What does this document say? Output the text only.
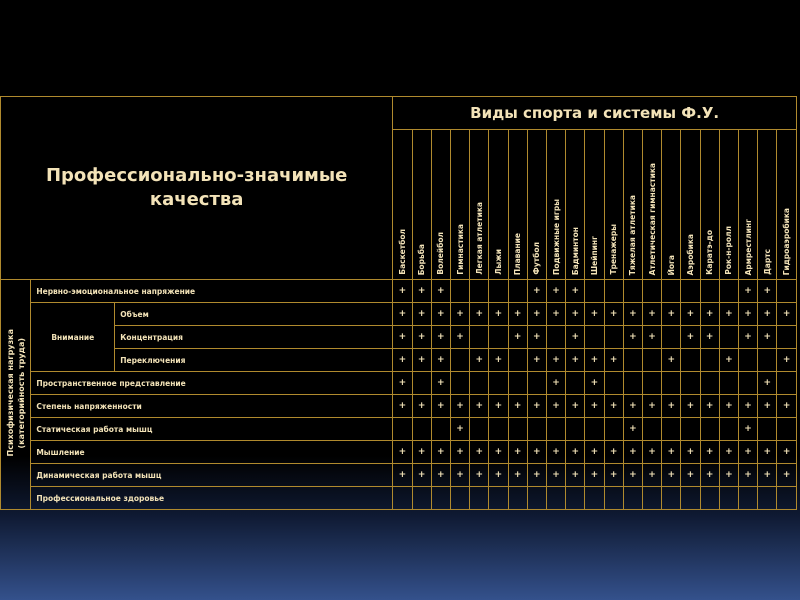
Профессионально-значимые качества			Виды спорта и системы Ф.У.																				

			Баскетбол	Борьба	Волейбол	Гимнастика	Легкая атлетика	Лыжи	Плавание	Футбол	Подвижные игры	Бадминтон	Шейпинг	Тренажеры	Тяжелая атлетика	Атлетическая гимнастика	Йога	Аэробика	Каратэ-до	Рок-н-ролл	Армрестлинг	Дартс	Гидроаэробика

Психофизическая нагрузка
(категорийность труда)	Нервно-эмоциональное напряжение		+	+	+					+	+	+									+	+	
	Внимание	Объем	+	+	+	+	+	+	+	+	+	+	+	+	+	+	+	+	+	+	+	+	+
		Концентрация	+	+	+	+			+	+		+			+	+		+	+		+	+	
		Переключения	+	+	+		+	+		+	+	+	+	+			+			+			+
	Пространственное представление		+		+						+		+									+	
	Степень напряженности		+	+	+	+	+	+	+	+	+	+	+	+	+	+	+	+	+	+	+	+	+
	Статическая работа мышц					+									+						+		
	Мышление		+	+	+	+	+	+	+	+	+	+	+	+	+	+	+	+	+	+	+	+	+
	Динамическая работа мышц		+	+	+	+	+	+	+	+	+	+	+	+	+	+	+	+	+	+	+	+	+
	Профессиональное здоровье																						
